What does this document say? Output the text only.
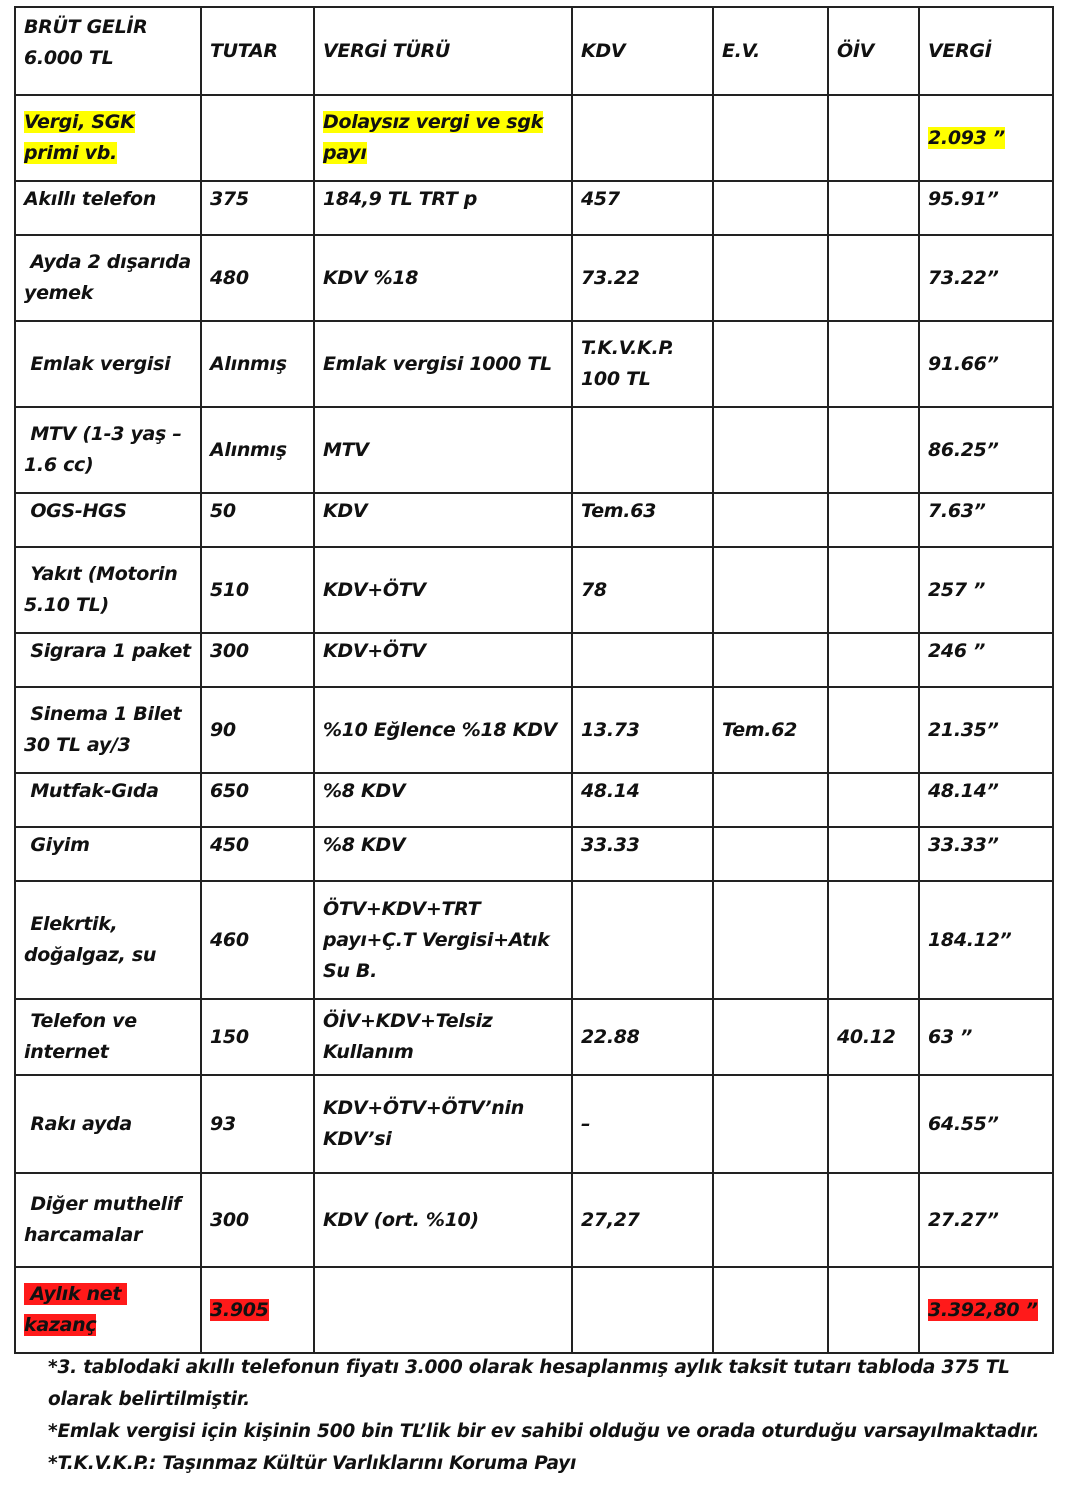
BRÜT GELİR 6.000 TL	TUTAR	VERGİ TÜRÜ	KDV	E.V.	ÖİV	VERGİ
Vergi, SGK primi vb.		Dolaysız vergi ve sgk payı				2.093 ”
Akıllı telefon	375	184,9 TL TRT p	457			95.91”
Ayda 2 dışarıda yemek	480	KDV %18	73.22			73.22”
Emlak vergisi	Alınmış	Emlak vergisi 1000 TL	T.K.V.K.P. 100 TL			91.66”
MTV (1-3 yaş – 1.6 cc)	Alınmış	MTV				86.25”
OGS-HGS	50	KDV	Tem.63			7.63”
Yakıt (Motorin 5.10 TL)	510	KDV+ÖTV	78			257 ”
Sigrara 1 paket	300	KDV+ÖTV				246 ”
Sinema 1 Bilet 30 TL ay/3	90	%10 Eğlence %18 KDV	13.73	Tem.62		21.35”
Mutfak-Gıda	650	%8 KDV	48.14			48.14”
Giyim	450	%8 KDV	33.33			33.33”
Elekrtik, doğalgaz, su	460	ÖTV+KDV+TRT payı+Ç.T Vergisi+Atık Su B.				184.12”
Telefon ve internet	150	ÖİV+KDV+Telsiz Kullanım	22.88		40.12	63 ”
Rakı ayda	93	KDV+ÖTV+ÖTV’nin KDV’si	–			64.55”
Diğer muthelif harcamalar	300	KDV (ort. %10)	27,27			27.27”
Aylık net kazanç	3.905					3.392,80 ”

*3. tablodaki akıllı telefonun fiyatı 3.000 olarak hesaplanmış aylık taksit tutarı tabloda 375 TL olarak belirtilmiştir.

*Emlak vergisi için kişinin 500 bin TL’lik bir ev sahibi olduğu ve orada oturduğu varsayılmaktadır.

*T.K.V.K.P.: Taşınmaz Kültür Varlıklarını Koruma Payı
